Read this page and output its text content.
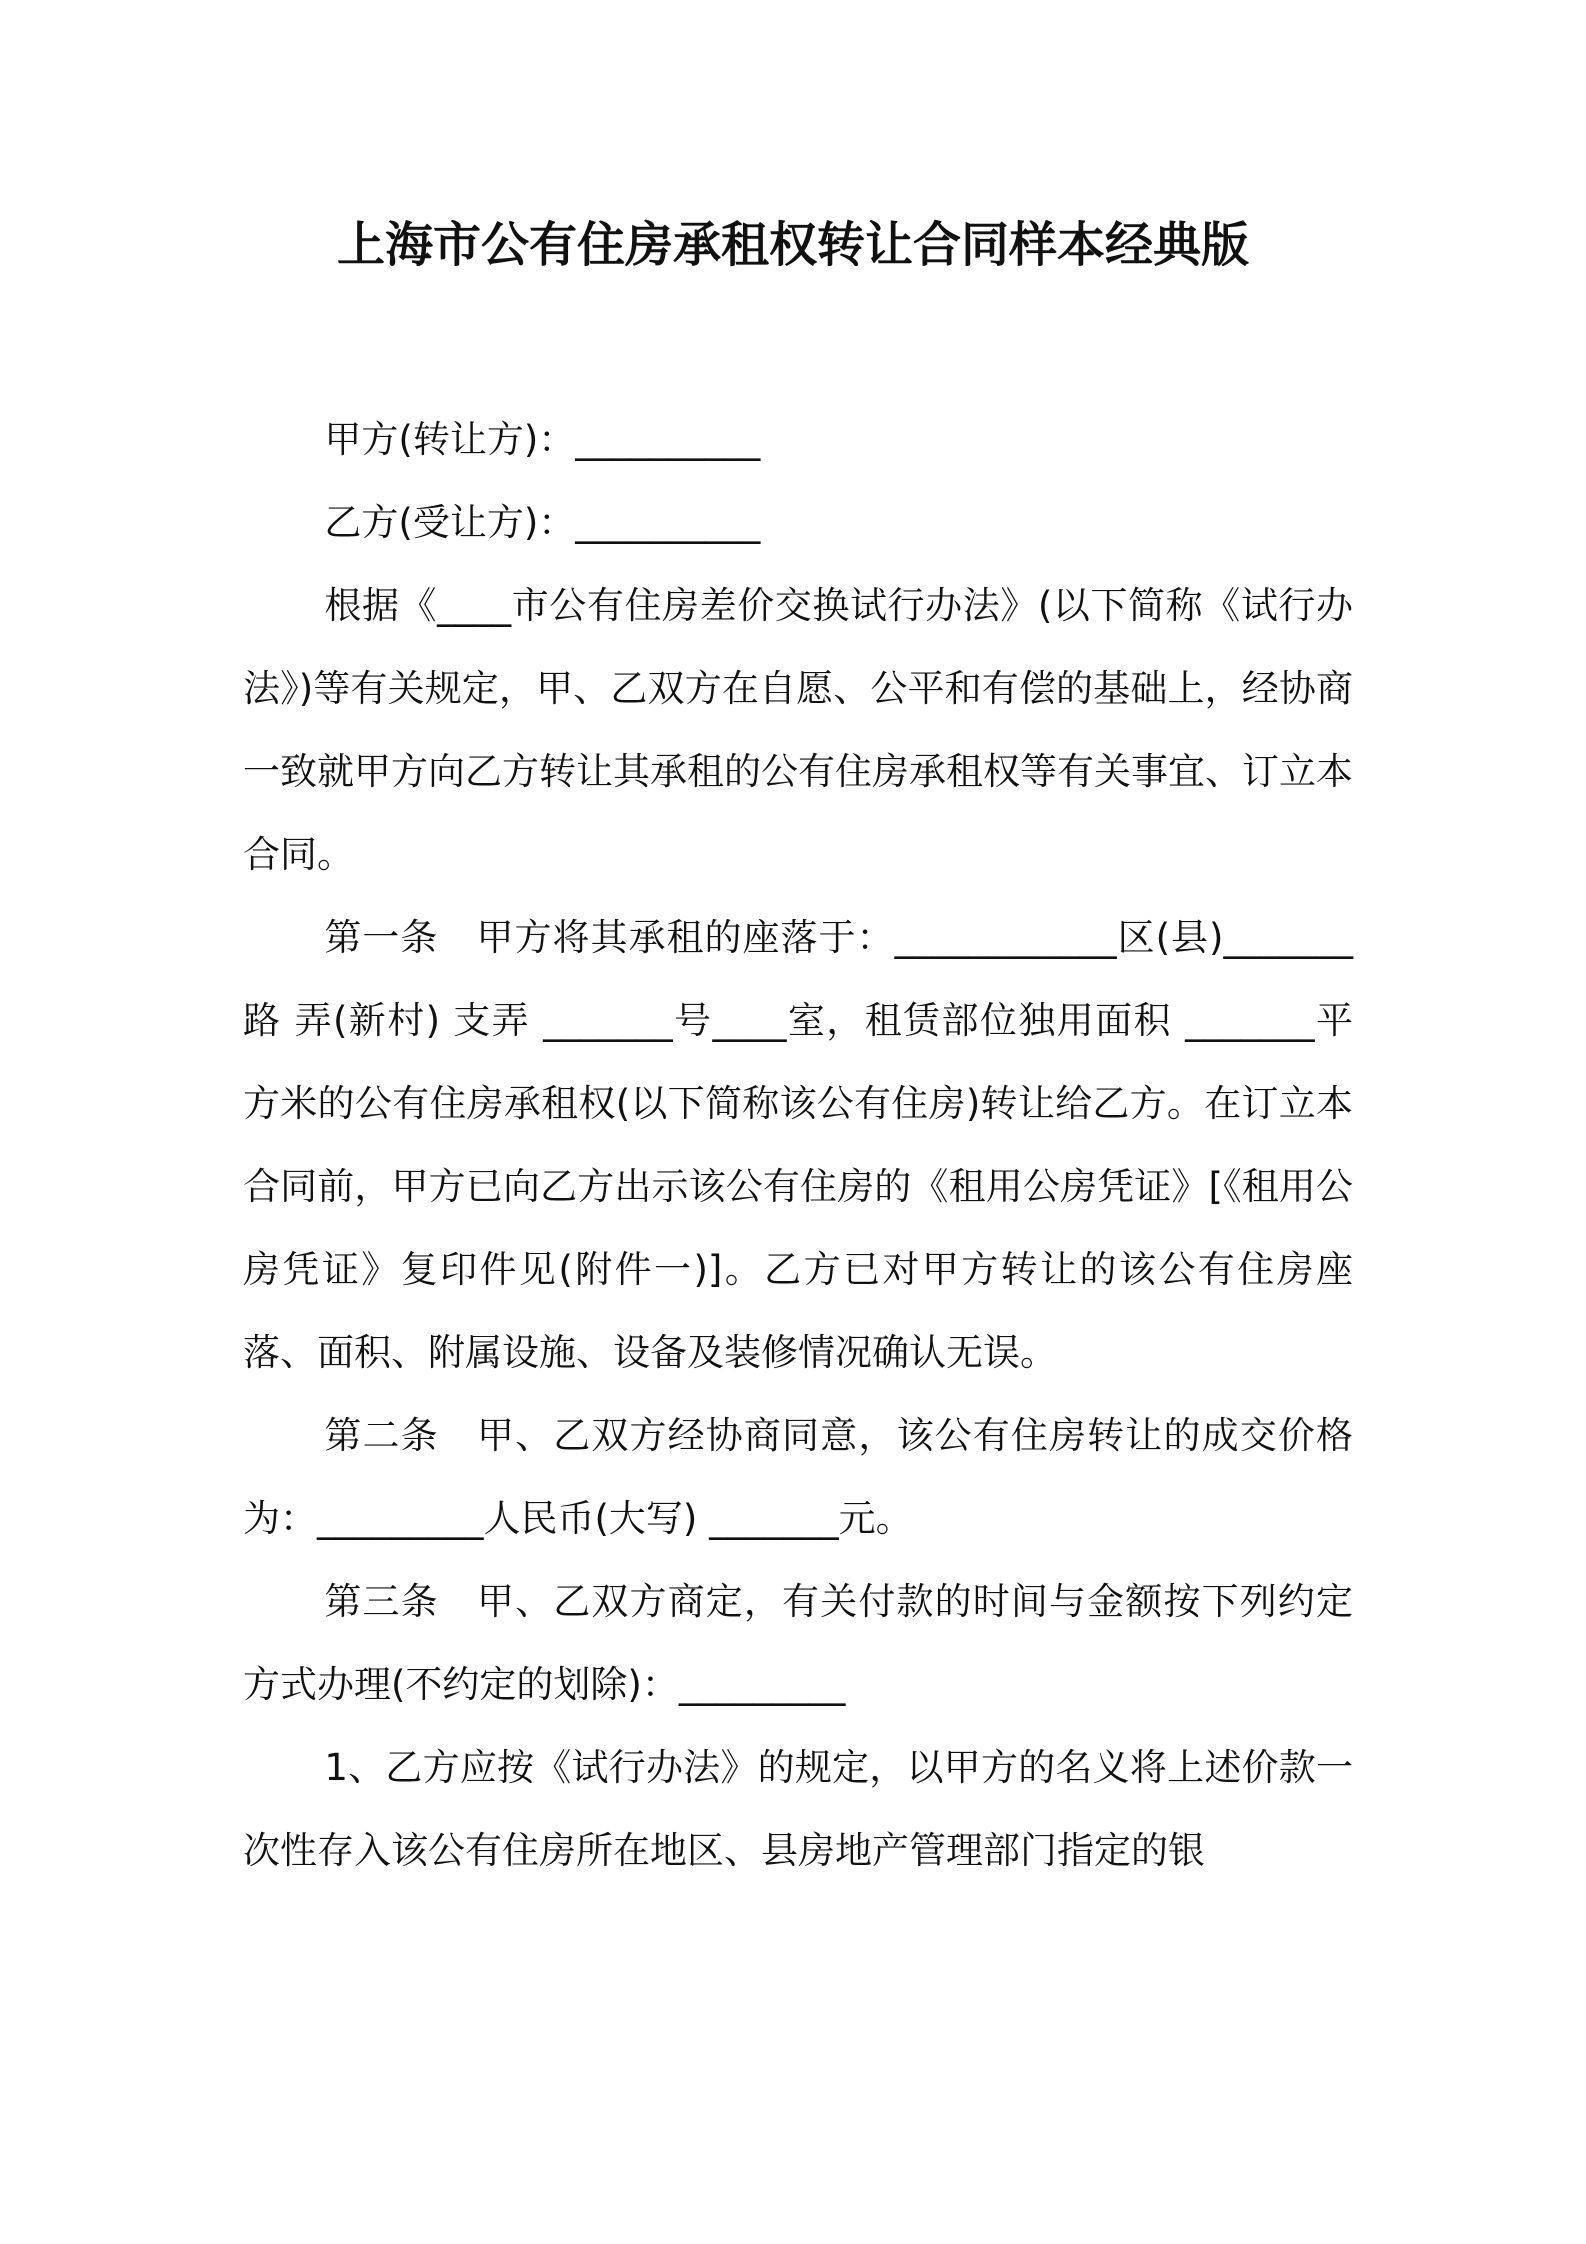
上海市公有住房承租权转让合同样本经典版

甲方(转让方)：__________

乙方(受让方)：__________

根据《____市公有住房差价交换试行办法》(以下简称《试行办法》)等有关规定，甲、乙双方在自愿、公平和有偿的基础上，经协商一致就甲方向乙方转让其承租的公有住房承租权等有关事宜、订立本合同。

第一条　甲方将其承租的座落于：____________区(县)_______路 弄(新村) 支弄 _______号____室，租赁部位独用面积 _______平方米的公有住房承租权(以下简称该公有住房)转让给乙方。在订立本合同前，甲方已向乙方出示该公有住房的《租用公房凭证》[《租用公房凭证》复印件见(附件一)]。乙方已对甲方转让的该公有住房座落、面积、附属设施、设备及装修情况确认无误。

第二条　甲、乙双方经协商同意，该公有住房转让的成交价格为：_________人民币(大写) _______元。

第三条　甲、乙双方商定，有关付款的时间与金额按下列约定方式办理(不约定的划除)：_________

1、乙方应按《试行办法》的规定，以甲方的名义将上述价款一次性存入该公有住房所在地区、县房地产管理部门指定的银
